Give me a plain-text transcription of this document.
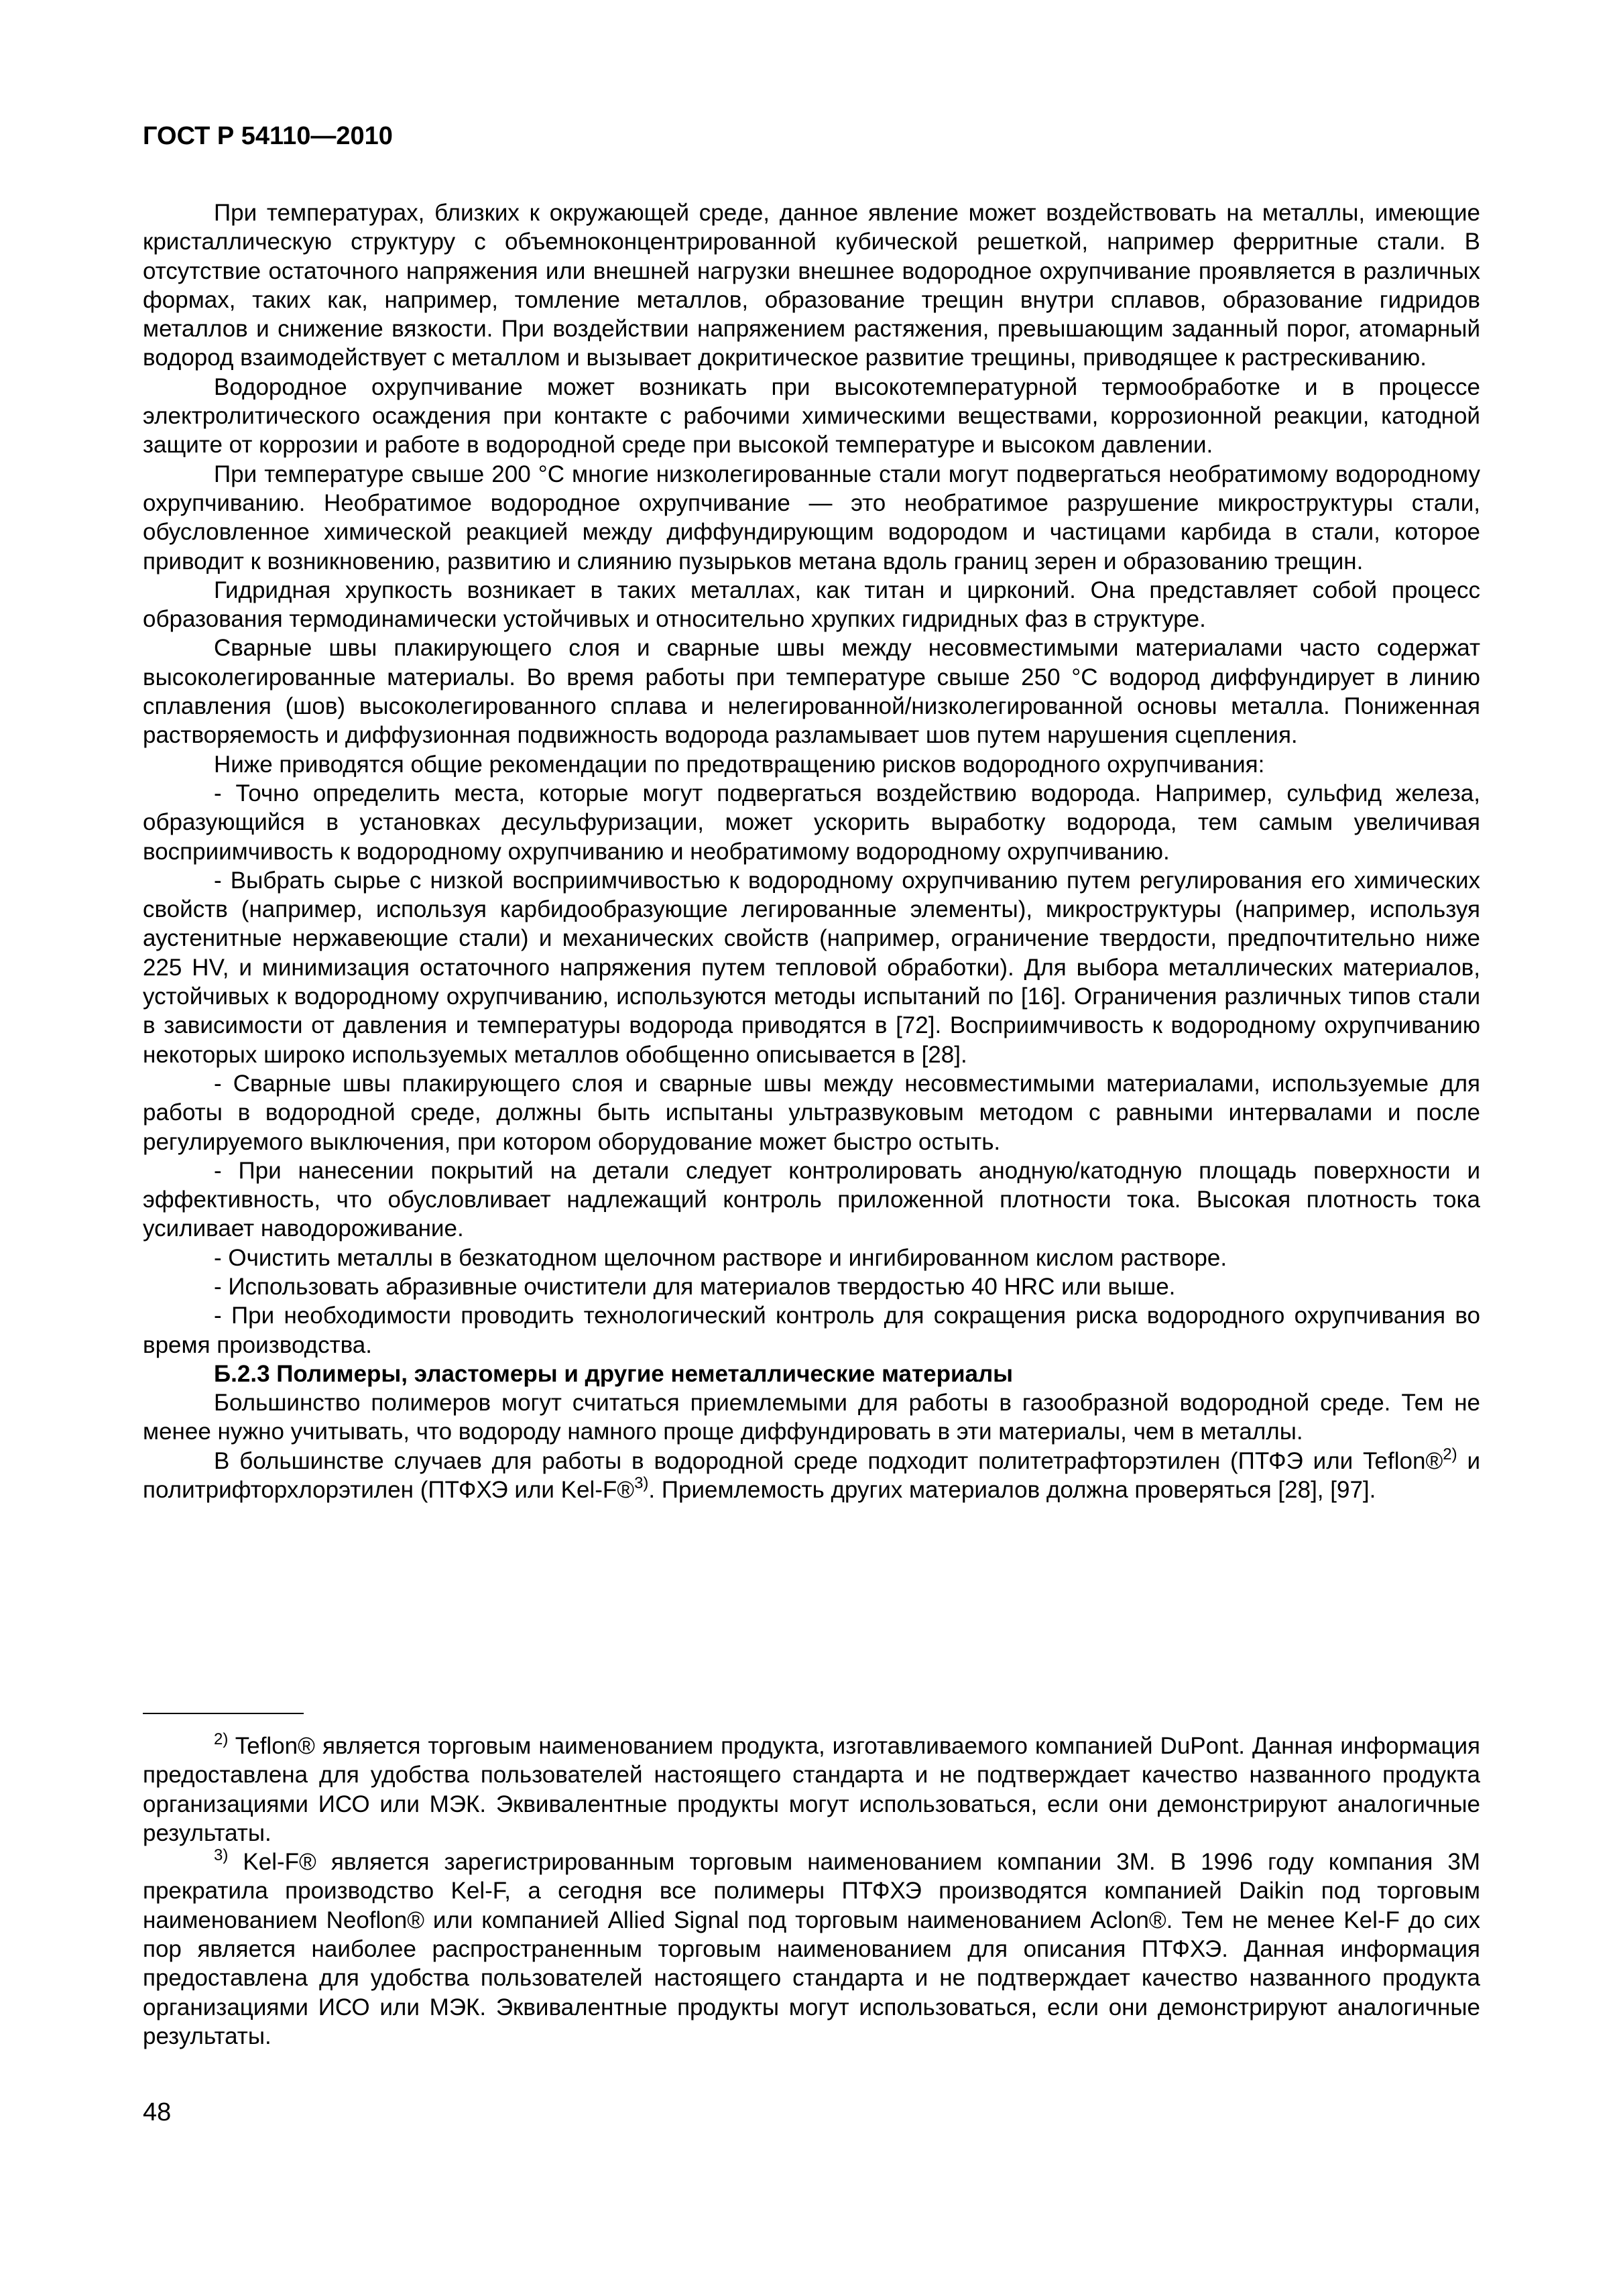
ГОСТ Р 54110—2010

При температурах, близких к окружающей среде, данное явление может воздействовать на металлы, имеющие кристаллическую структуру с объемноконцентрированной кубической решеткой, например ферритные стали. В отсутствие остаточного напряжения или внешней нагрузки внешнее водородное охрупчивание проявляется в различных формах, таких как, например, томление металлов, образование трещин внутри сплавов, образование гидридов металлов и снижение вязкости. При воздействии напряжением растяжения, превышающим заданный порог, атомарный водород взаимодействует с металлом и вызывает докритическое развитие трещины, приводящее к растрескиванию.

Водородное охрупчивание может возникать при высокотемпературной термообработке и в процессе электролитического осаждения при контакте с рабочими химическими веществами, коррозионной реакции, катодной защите от коррозии и работе в водородной среде при высокой температуре и высоком давлении.

При температуре свыше 200 °С многие низколегированные стали могут подвергаться необратимому водородному охрупчиванию. Необратимое водородное охрупчивание — это необратимое разрушение микроструктуры стали, обусловленное химической реакцией между диффундирующим водородом и частицами карбида в стали, которое приводит к возникновению, развитию и слиянию пузырьков метана вдоль границ зерен и образованию трещин.

Гидридная хрупкость возникает в таких металлах, как титан и цирконий. Она представляет собой процесс образования термодинамически устойчивых и относительно хрупких гидридных фаз в структуре.

Сварные швы плакирующего слоя и сварные швы между несовместимыми материалами часто содержат высоколегированные материалы. Во время работы при температуре свыше 250 °С водород диффундирует в линию сплавления (шов) высоколегированного сплава и нелегированной/низколегированной основы металла. Пониженная растворяемость и диффузионная подвижность водорода разламывает шов путем нарушения сцепления.

Ниже приводятся общие рекомендации по предотвращению рисков водородного охрупчивания:

- Точно определить места, которые могут подвергаться воздействию водорода. Например, сульфид железа, образующийся в установках десульфуризации, может ускорить выработку водорода, тем самым увеличивая восприимчивость к водородному охрупчиванию и необратимому водородному охрупчиванию.

- Выбрать сырье с низкой восприимчивостью к водородному охрупчиванию путем регулирования его химических свойств (например, используя карбидообразующие легированные элементы), микроструктуры (например, используя аустенитные нержавеющие стали) и механических свойств (например, ограничение твердости, предпочтительно ниже 225 HV, и минимизация остаточного напряжения путем тепловой обработки). Для выбора металлических материалов, устойчивых к водородному охрупчиванию, используются методы испытаний по [16]. Ограничения различных типов стали в зависимости от давления и температуры водорода приводятся в [72]. Восприимчивость к водородному охрупчиванию некоторых широко используемых металлов обобщенно описывается в [28].

- Сварные швы плакирующего слоя и сварные швы между несовместимыми материалами, используемые для работы в водородной среде, должны быть испытаны ультразвуковым методом с равными интервалами и после регулируемого выключения, при котором оборудование может быстро остыть.

- При нанесении покрытий на детали следует контролировать анодную/катодную площадь поверхности и эффективность, что обусловливает надлежащий контроль приложенной плотности тока. Высокая плотность тока усиливает наводороживание.

- Очистить металлы в безкатодном щелочном растворе и ингибированном кислом растворе.

- Использовать абразивные очистители для материалов твердостью 40 HRC или выше.

- При необходимости проводить технологический контроль для сокращения риска водородного охрупчивания во время производства.

Б.2.3 Полимеры, эластомеры и другие неметаллические материалы

Большинство полимеров могут считаться приемлемыми для работы в газообразной водородной среде. Тем не менее нужно учитывать, что водороду намного проще диффундировать в эти материалы, чем в металлы.

В большинстве случаев для работы в водородной среде подходит политетрафторэтилен (ПТФЭ или Teflon®$^{2)}$ и политрифторхлорэтилен (ПТФХЭ или Kel-F®$^{3)}$. Приемлемость других материалов должна проверяться [28], [97].

$^{2)}$ Teflon® является торговым наименованием продукта, изготавливаемого компанией DuPont. Данная информация предоставлена для удобства пользователей настоящего стандарта и не подтверждает качество названного продукта организациями ИСО или МЭК. Эквивалентные продукты могут использоваться, если они демонстрируют аналогичные результаты.

$^{3)}$ Kel-F® является зарегистрированным торговым наименованием компании 3М. В 1996 году компания 3М прекратила производство Kel-F, а сегодня все полимеры ПТФХЭ производятся компанией Daikin под торговым наименованием Neoflon® или компанией Allied Signal под торговым наименованием Aclon®. Тем не менее Kel-F до сих пор является наиболее распространенным торговым наименованием для описания ПТФХЭ. Данная информация предоставлена для удобства пользователей настоящего стандарта и не подтверждает качество названного продукта организациями ИСО или МЭК. Эквивалентные продукты могут использоваться, если они демонстрируют аналогичные результаты.

48
